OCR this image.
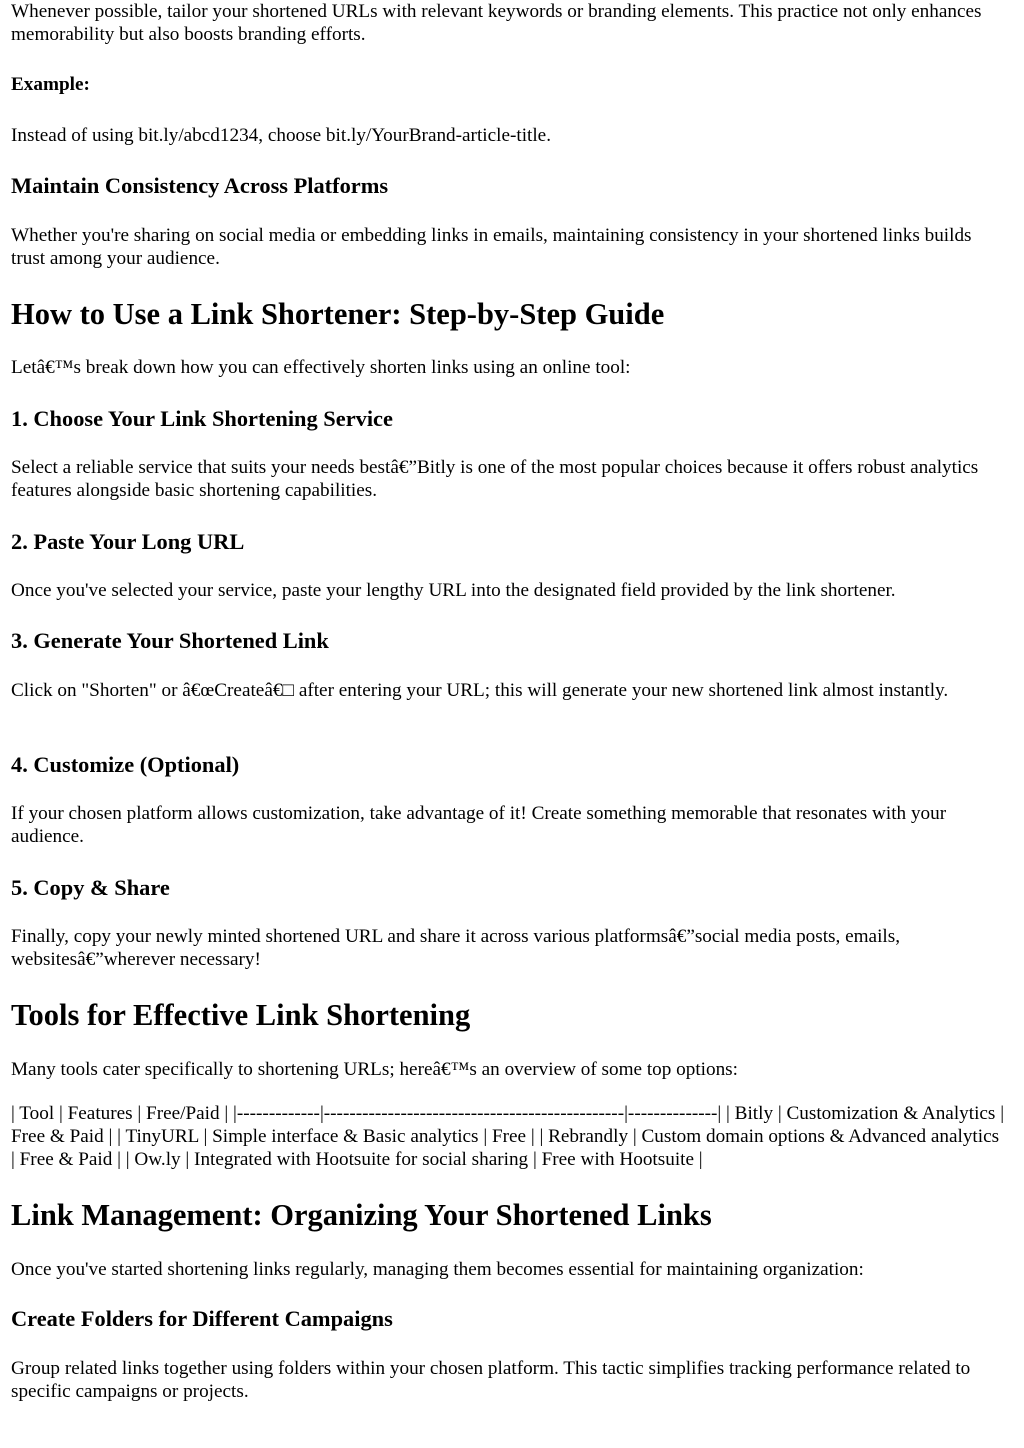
Whenever possible, tailor your shortened URLs with relevant keywords or branding elements. This practice not only enhances memorability but also boosts branding efforts.

Example:

Instead of using bit.ly/abcd1234, choose bit.ly/YourBrand-article-title.

Maintain Consistency Across Platforms

Whether you're sharing on social media or embedding links in emails, maintaining consistency in your shortened links builds trust among your audience.

How to Use a Link Shortener: Step-by-Step Guide

Letâ€™s break down how you can effectively shorten links using an online tool:

1. Choose Your Link Shortening Service

Select a reliable service that suits your needs bestâ€”Bitly is one of the most popular choices because it offers robust analytics features alongside basic shortening capabilities.

2. Paste Your Long URL

Once you've selected your service, paste your lengthy URL into the designated field provided by the link shortener.

3. Generate Your Shortened Link

Click on "Shorten" or â€œCreateâ€□ after entering your URL; this will generate your new shortened link almost instantly.

4. Customize (Optional)

If your chosen platform allows customization, take advantage of it! Create something memorable that resonates with your audience.

5. Copy & Share

Finally, copy your newly minted shortened URL and share it across various platformsâ€”social media posts, emails, websitesâ€”wherever necessary!

Tools for Effective Link Shortening

Many tools cater specifically to shortening URLs; hereâ€™s an overview of some top options:

| Tool | Features | Free/Paid | |-------------|-----------------------------------------------|--------------| | Bitly | Customization & Analytics | Free & Paid | | TinyURL | Simple interface & Basic analytics | Free | | Rebrandly | Custom domain options & Advanced analytics | Free & Paid | | Ow.ly | Integrated with Hootsuite for social sharing | Free with Hootsuite |

Link Management: Organizing Your Shortened Links

Once you've started shortening links regularly, managing them becomes essential for maintaining organization:

Create Folders for Different Campaigns

Group related links together using folders within your chosen platform. This tactic simplifies tracking performance related to specific campaigns or projects.
